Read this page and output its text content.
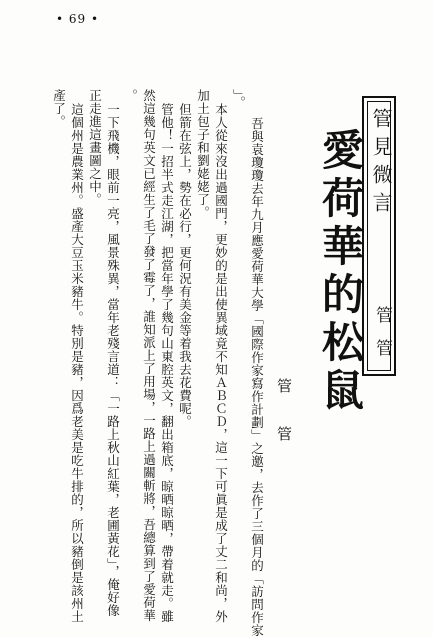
• 69 •
管見微言
管管
愛荷華的松鼠
管 管
吾與袁瓊瓊去年九月應愛荷華大學「國際作家寫作計劃」之邀，去作了三個月的「訪問作家
」。
本人從來沒出過國門，更妙的是出使異域竟不知ＡＢＣＤ，這一下可眞是成了丈二和尚，外
加土包子和劉姥姥了。
但箭在弦上，勢在必行，更何況有美金等着我去花費呢。
管他！一招半式走江湖，把當年學了幾句山東腔英文，翻出箱底，晾晒晾晒，帶着就走。雖
然這幾句英文已經生了毛了發了霉了，誰知派上了用場，一路上過關斬將，吾總算到了愛荷華
。
一下飛機，眼前一亮，風景殊異，當年老殘言道：「一路上秋山紅葉，老圃黃花」，俺好像
正走進這畫圖之中。
這個州是農業州。盛產大豆玉米豬牛。特別是豬，因爲老美是吃牛排的，所以豬倒是該州土
產了。
